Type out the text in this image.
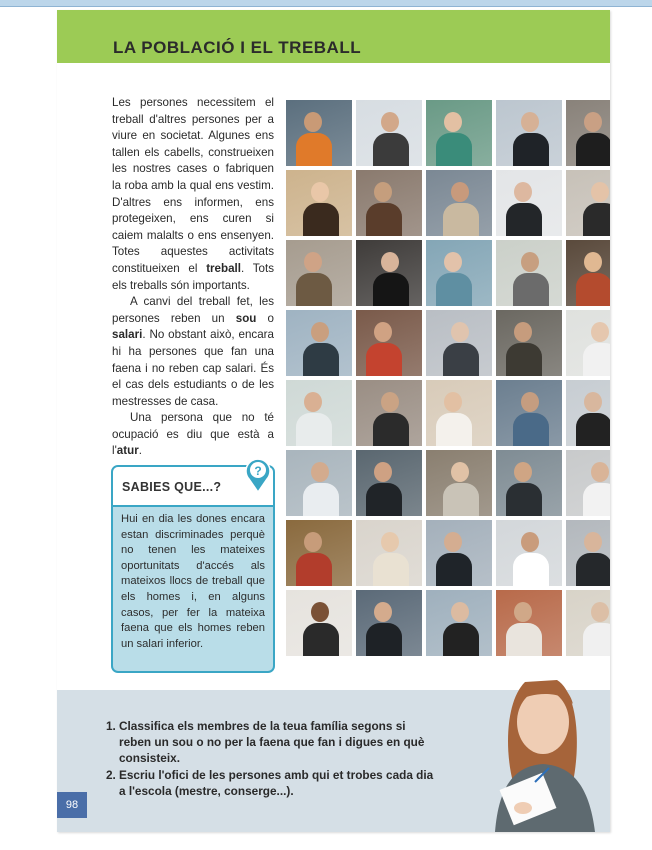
LA POBLACIÓ I EL TREBALL

Les persones necessitem el treball d'altres persones per a viure en societat. Algunes ens tallen els cabells, construeixen les nostres cases o fabriquen la roba amb la qual ens vestim. D'altres ens informen, ens protegeixen, ens curen si caiem malalts o ens ensenyen. Totes aquestes activitats constitueixen el treball. Tots els treballs són importants.

A canvi del treball fet, les persones reben un sou o salari. No obstant això, encara hi ha persones que fan una faena i no reben cap salari. És el cas dels estudiants o de les mestresses de casa.

Una persona que no té ocupació es diu que està a l'atur.

SABIES QUE...?
Hui en dia les dones encara estan discriminades perquè no tenen les mateixes oportunitats d'accés als mateixos llocs de treball que els homes i, en alguns casos, per fer la mateixa faena que els homes reben un salari inferior.
?
1. Classifica els membres de la teua família segons si reben un sou o no per la faena que fan i digues en què consisteix.
2. Escriu l'ofici de les persones amb qui et trobes cada dia a l'escola (mestre, conserge...).
98
